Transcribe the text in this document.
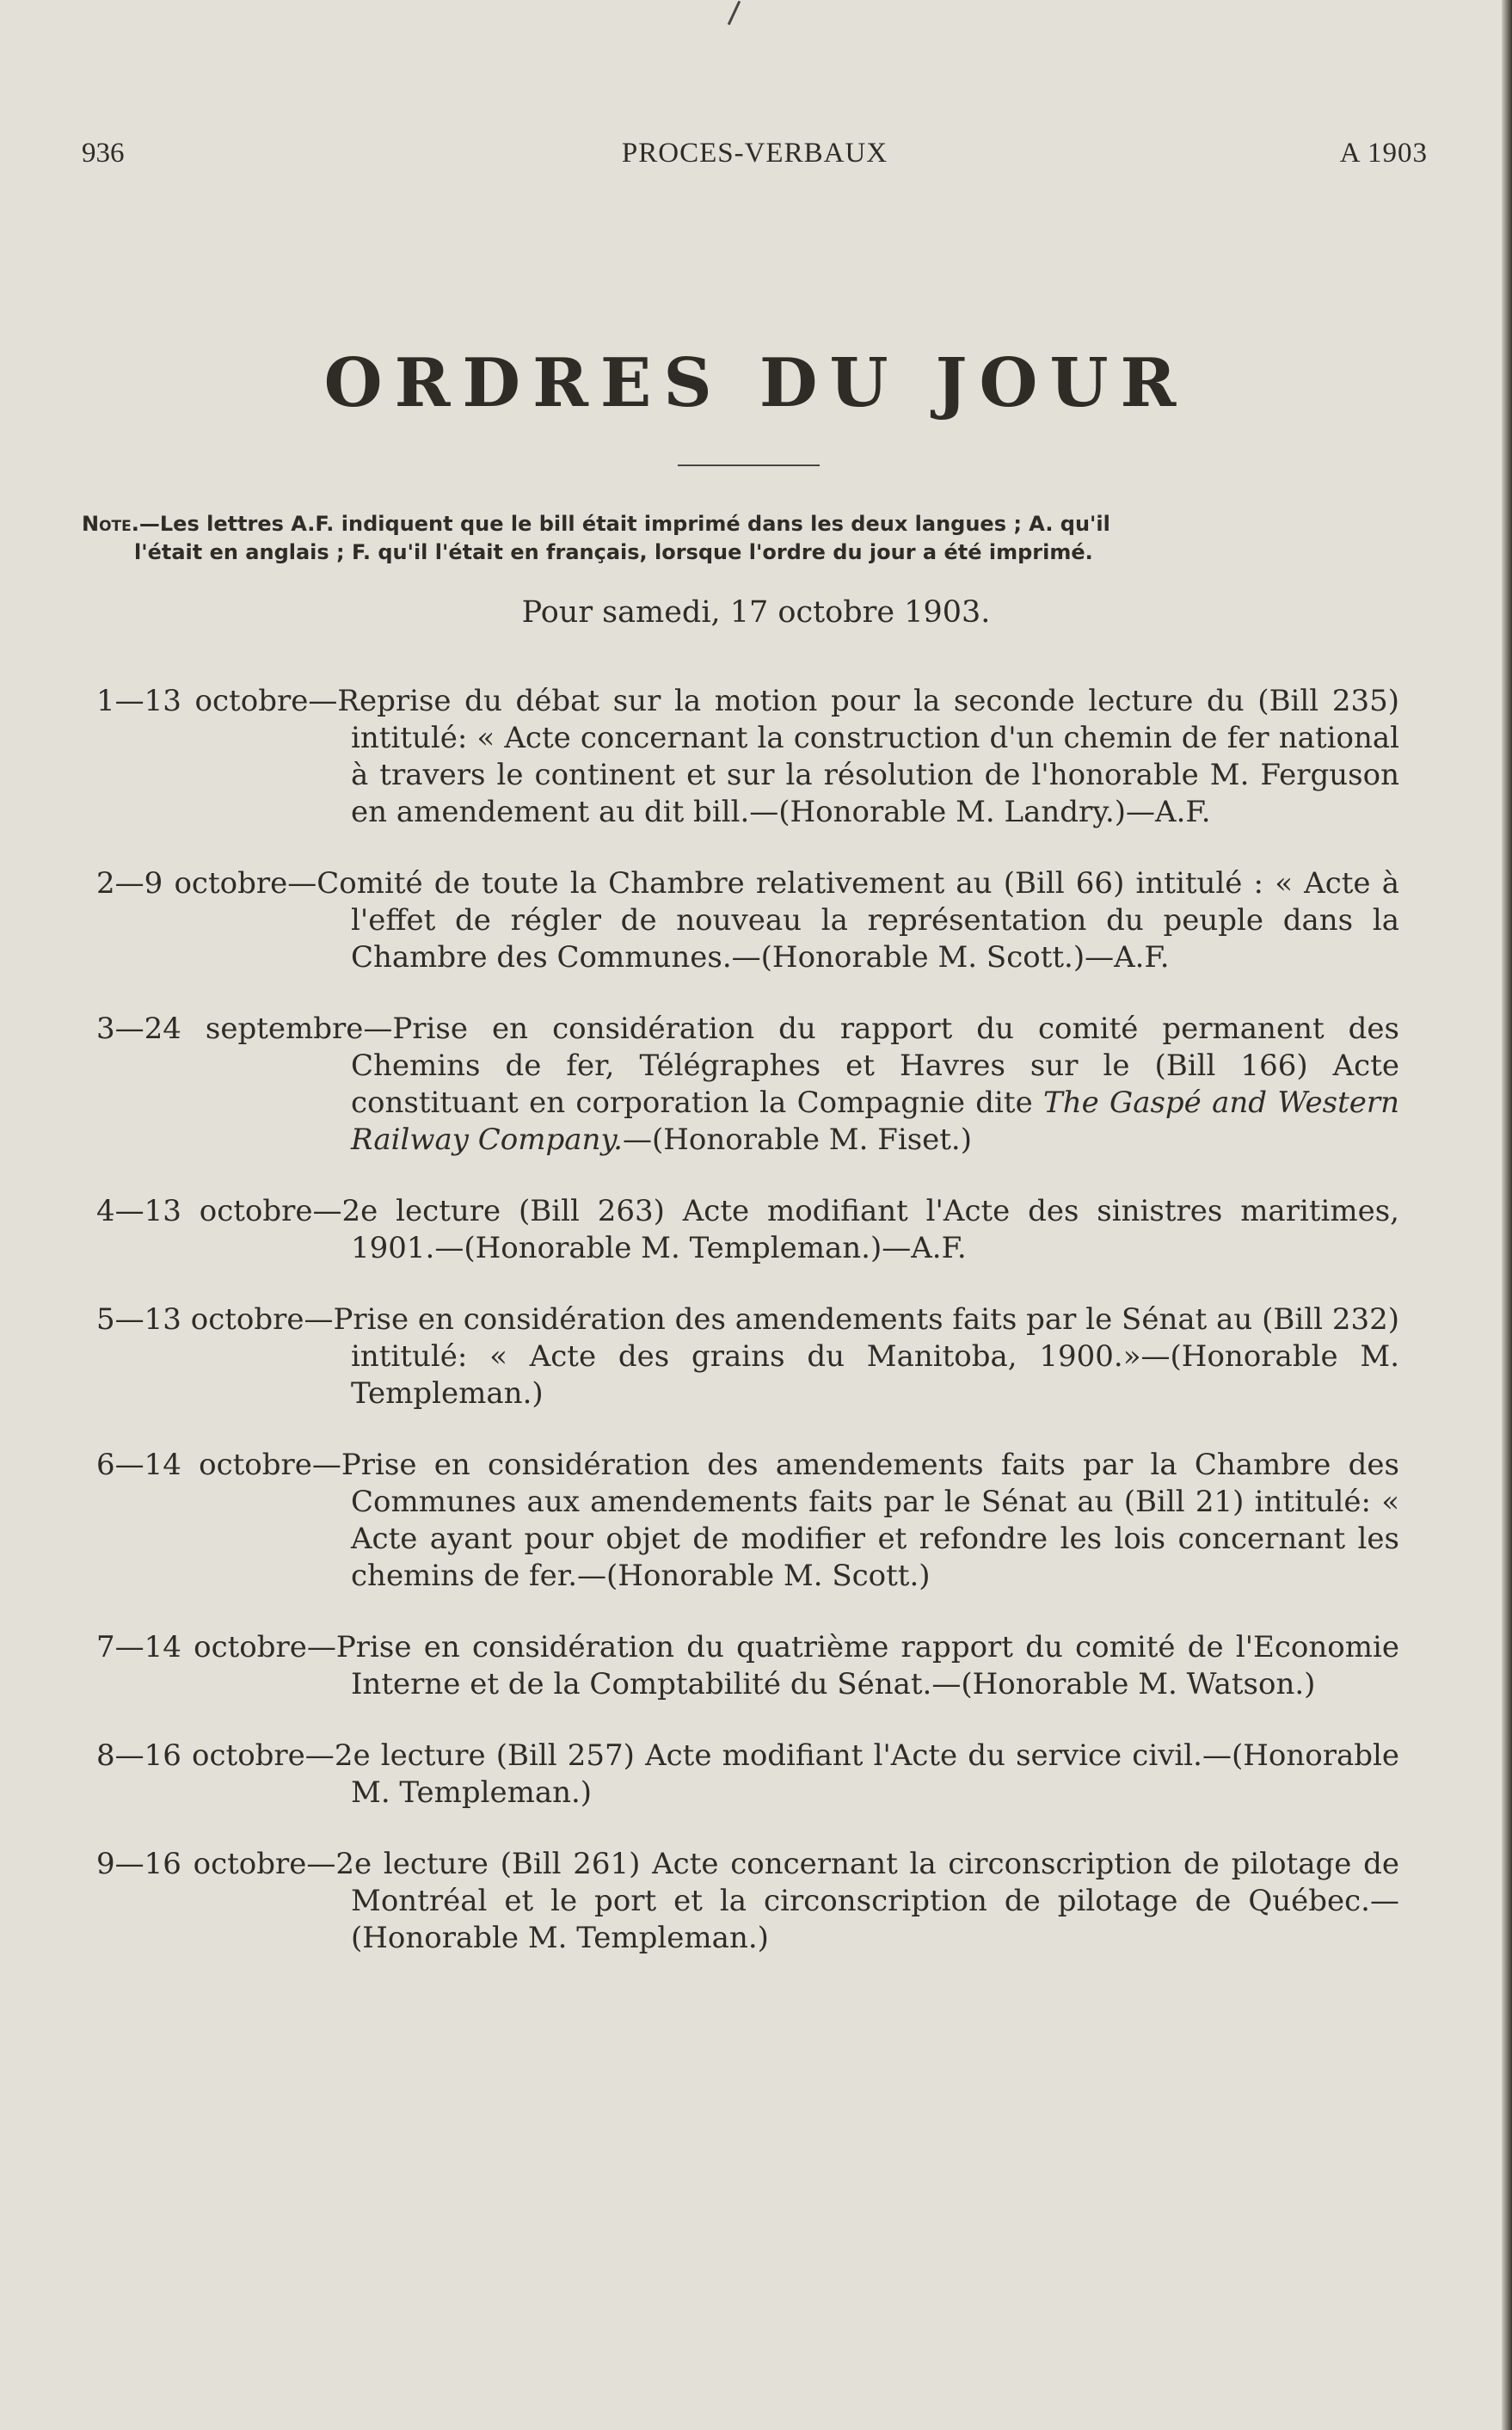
936	PROCES-VERBAUX	A 1903
ORDRES DU JOUR
Note.—Les lettres A.F. indiquent que le bill était imprimé dans les deux langues ; A. qu'il
l'était en anglais ; F. qu'il l'était en français, lorsque l'ordre du jour a été imprimé.
Pour samedi, 17 octobre 1903.

1—13 octobre—Reprise du débat sur la motion pour la seconde lecture du (Bill 235) intitulé: « Acte concernant la construction d'un chemin de fer national à travers le continent et sur la résolution de l'honorable M. Ferguson en amendement au dit bill.—(Honorable M. Landry.)—A.F.

2—9 octobre—Comité de toute la Chambre relativement au (Bill 66) intitulé : « Acte à l'effet de régler de nouveau la représentation du peuple dans la Chambre des Communes.—(Honorable M. Scott.)—A.F.

3—24 septembre—Prise en considération du rapport du comité permanent des Chemins de fer, Télégraphes et Havres sur le (Bill 166) Acte constituant en corporation la Compagnie dite The Gaspé and Western Railway Company.—(Honorable M. Fiset.)

4—13 octobre—2e lecture (Bill 263) Acte modifiant l'Acte des sinistres maritimes, 1901.—(Honorable M. Templeman.)—A.F.

5—13 octobre—Prise en considération des amendements faits par le Sénat au (Bill 232) intitulé: « Acte des grains du Manitoba, 1900.»—(Honorable M. Templeman.)

6—14 octobre—Prise en considération des amendements faits par la Chambre des Communes aux amendements faits par le Sénat au (Bill 21) intitulé: « Acte ayant pour objet de modifier et refondre les lois concernant les chemins de fer.—(Honorable M. Scott.)

7—14 octobre—Prise en considération du quatrième rapport du comité de l'Economie Interne et de la Comptabilité du Sénat.—(Honorable M. Watson.)

8—16 octobre—2e lecture (Bill 257) Acte modifiant l'Acte du service civil.—(Honorable M. Templeman.)

9—16 octobre—2e lecture (Bill 261) Acte concernant la circonscription de pilotage de Montréal et le port et la circonscription de pilotage de Québec.—(Honorable M. Templeman.)
